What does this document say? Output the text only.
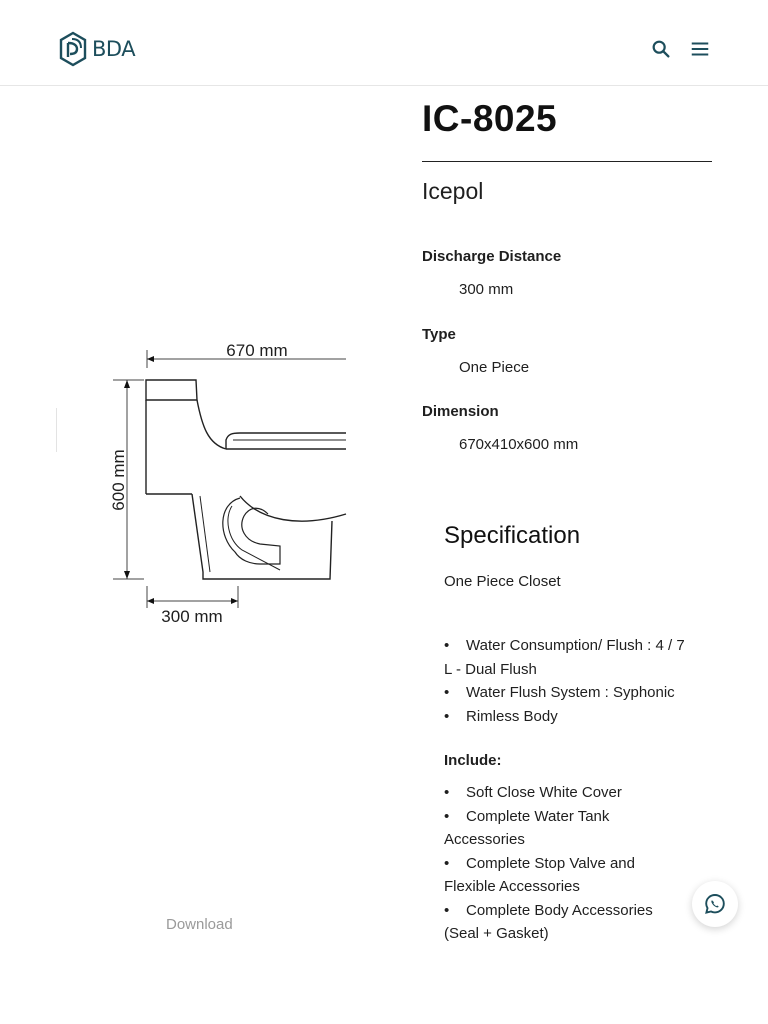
BDA
670 mm
600 mm
300 mm
Download
IC-8025
Icepol
Discharge Distance
300 mm
Type
One Piece
Dimension
670x410x600 mm
Specification
One Piece Closet
• Water Consumption/ Flush : 4 / 7 L - Dual Flush
• Water Flush System : Syphonic
• Rimless Body
Include:
• Soft Close White Cover
• Complete Water Tank Accessories
• Complete Stop Valve and Flexible Accessories
• Complete Body Accessories (Seal + Gasket)
